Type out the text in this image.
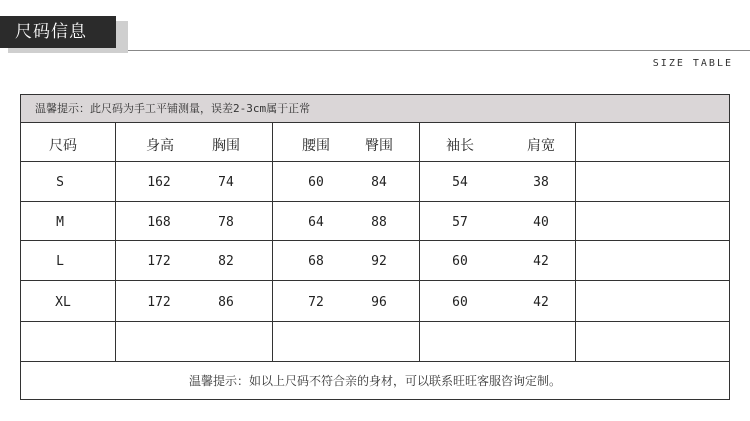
尺码信息
SIZE TABLE
温馨提示：此尺码为手工平铺测量，误差2-3cm属于正常
尺码	身高	胸围	腰围	臀围	袖长	肩宽
S	162	74	60	84	54	38
M	168	78	64	88	57	40
L	172	82	68	92	60	42
XL	172	86	72	96	60	42
温馨提示：如以上尺码不符合亲的身材，可以联系旺旺客服咨询定制。
